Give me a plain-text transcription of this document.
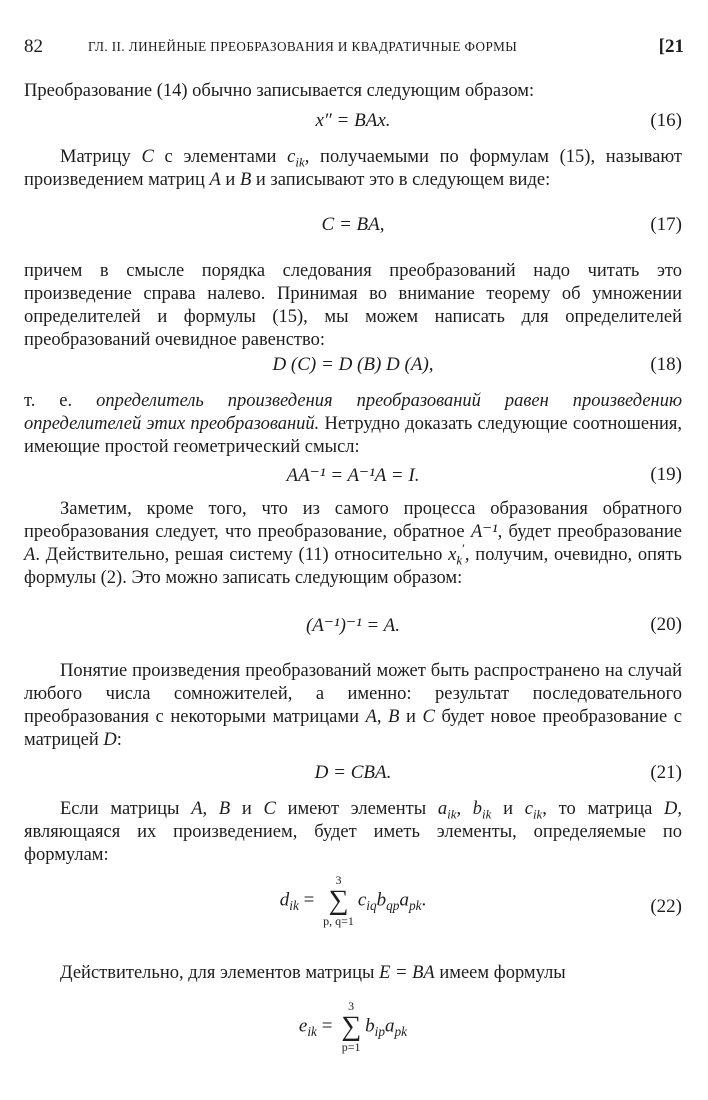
82	ГЛ. II. ЛИНЕЙНЫЕ ПРЕОБРАЗОВАНИЯ И КВАДРАТИЧНЫЕ ФОРМЫ	[21

Преобразование (14) обычно записывается следующим образом:

x″ = BAx.	(16)

Матрицу C с элементами $c_{ik}$, получаемыми по формулам (15), называют произведением матриц A и B и записывают это в следующем виде:

C = BA,	(17)

причем в смысле порядка следования преобразований надо читать это произведение справа налево. Принимая во внимание теорему об умножении определителей и формулы (15), мы можем написать для определителей преобразований очевидное равенство:

D (C) = D (B) D (A),	(18)

т. е. определитель произведения преобразований равен произведению определителей этих преобразований. Нетрудно доказать следующие соотношения, имеющие простой геометрический смысл:

AA⁻¹ = A⁻¹A = I.	(19)

Заметим, кроме того, что из самого процесса образования обратного преобразования следует, что преобразование, обратное A⁻¹, будет преобразование A. Действительно, решая систему (11) относительно $x_k'$, получим, очевидно, опять формулы (2). Это можно записать следующим образом:

(A⁻¹)⁻¹ = A.	(20)

Понятие произведения преобразований может быть распространено на случай любого числа сомножителей, а именно: результат последовательного преобразования с некоторыми матрицами A, B и C будет новое преобразование с матрицей D:

D = CBA.	(21)

Если матрицы A, B и C имеют элементы $a_{ik}$, $b_{ik}$ и $c_{ik}$, то матрица D, являющаяся их произведением, будет иметь элементы, определяемые по формулам:

$d_{ik}$ =
3
∑
p, q=1
$c_{iq}b_{qp}a_{pk}$.	(22)

Действительно, для элементов матрицы E = BA имеем формулы

$e_{ik}$ =
3
∑
p=1
$b_{ip}a_{pk}$
